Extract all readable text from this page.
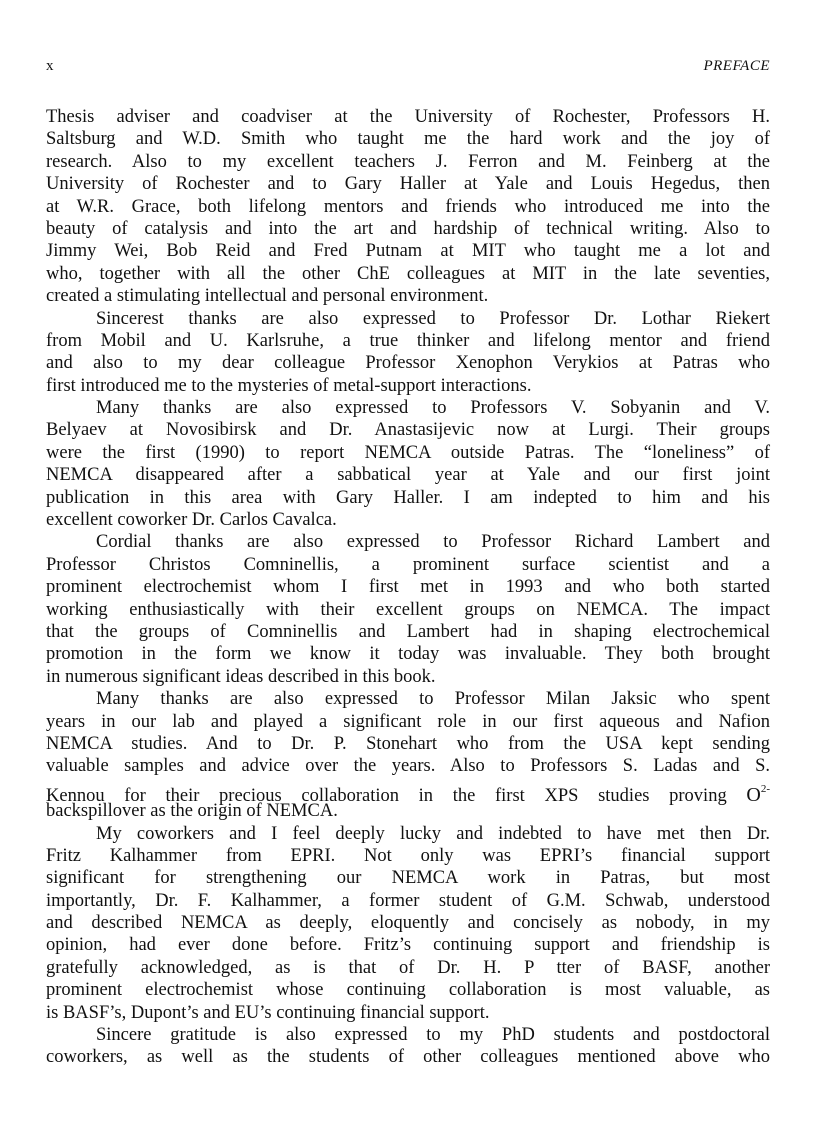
x	PREFACE
Thesis adviser and coadviser at the University of Rochester, Professors H.
Saltsburg and W.D. Smith who taught me the hard work and the joy of
research. Also to my excellent teachers J. Ferron and M. Feinberg at the
University of Rochester and to Gary Haller at Yale and Louis Hegedus, then
at W.R. Grace, both lifelong mentors and friends who introduced me into the
beauty of catalysis and into the art and hardship of technical writing. Also to
Jimmy Wei, Bob Reid and Fred Putnam at MIT who taught me a lot and
who, together with all the other ChE colleagues at MIT in the late seventies,
created a stimulating intellectual and personal environment.
Sincerest thanks are also expressed to Professor Dr. Lothar Riekert
from Mobil and U. Karlsruhe, a true thinker and lifelong mentor and friend
and also to my dear colleague Professor Xenophon Verykios at Patras who
first introduced me to the mysteries of metal-support interactions.
Many thanks are also expressed to Professors V. Sobyanin and V.
Belyaev at Novosibirsk and Dr. Anastasijevic now at Lurgi. Their groups
were the first (1990) to report NEMCA outside Patras. The “loneliness” of
NEMCA disappeared after a sabbatical year at Yale and our first joint
publication in this area with Gary Haller. I am indepted to him and his
excellent coworker Dr. Carlos Cavalca.
Cordial thanks are also expressed to Professor Richard Lambert and
Professor Christos Comninellis, a prominent surface scientist and a
prominent electrochemist whom I first met in 1993 and who both started
working enthusiastically with their excellent groups on NEMCA. The impact
that the groups of Comninellis and Lambert had in shaping electrochemical
promotion in the form we know it today was invaluable. They both brought
in numerous significant ideas described in this book.
Many thanks are also expressed to Professor Milan Jaksic who spent
years in our lab and played a significant role in our first aqueous and Nafion
NEMCA studies. And to Dr. P. Stonehart who from the USA kept sending
valuable samples and advice over the years. Also to Professors S. Ladas and S.
Kennou for their precious collaboration in the first XPS studies proving $O^{2-}$
backspillover as the origin of NEMCA.
My coworkers and I feel deeply lucky and indebted to have met then Dr.
Fritz Kalhammer from EPRI. Not only was EPRI’s financial support
significant for strengthening our NEMCA work in Patras, but most
importantly, Dr. F. Kalhammer, a former student of G.M. Schwab, understood
and described NEMCA as deeply, eloquently and concisely as nobody, in my
opinion, had ever done before. Fritz’s continuing support and friendship is
gratefully acknowledged, as is that of Dr. H. P tter of BASF, another
prominent electrochemist whose continuing collaboration is most valuable, as
is BASF’s, Dupont’s and EU’s continuing financial support.
Sincere gratitude is also expressed to my PhD students and postdoctoral
coworkers, as well as the students of other colleagues mentioned above who
